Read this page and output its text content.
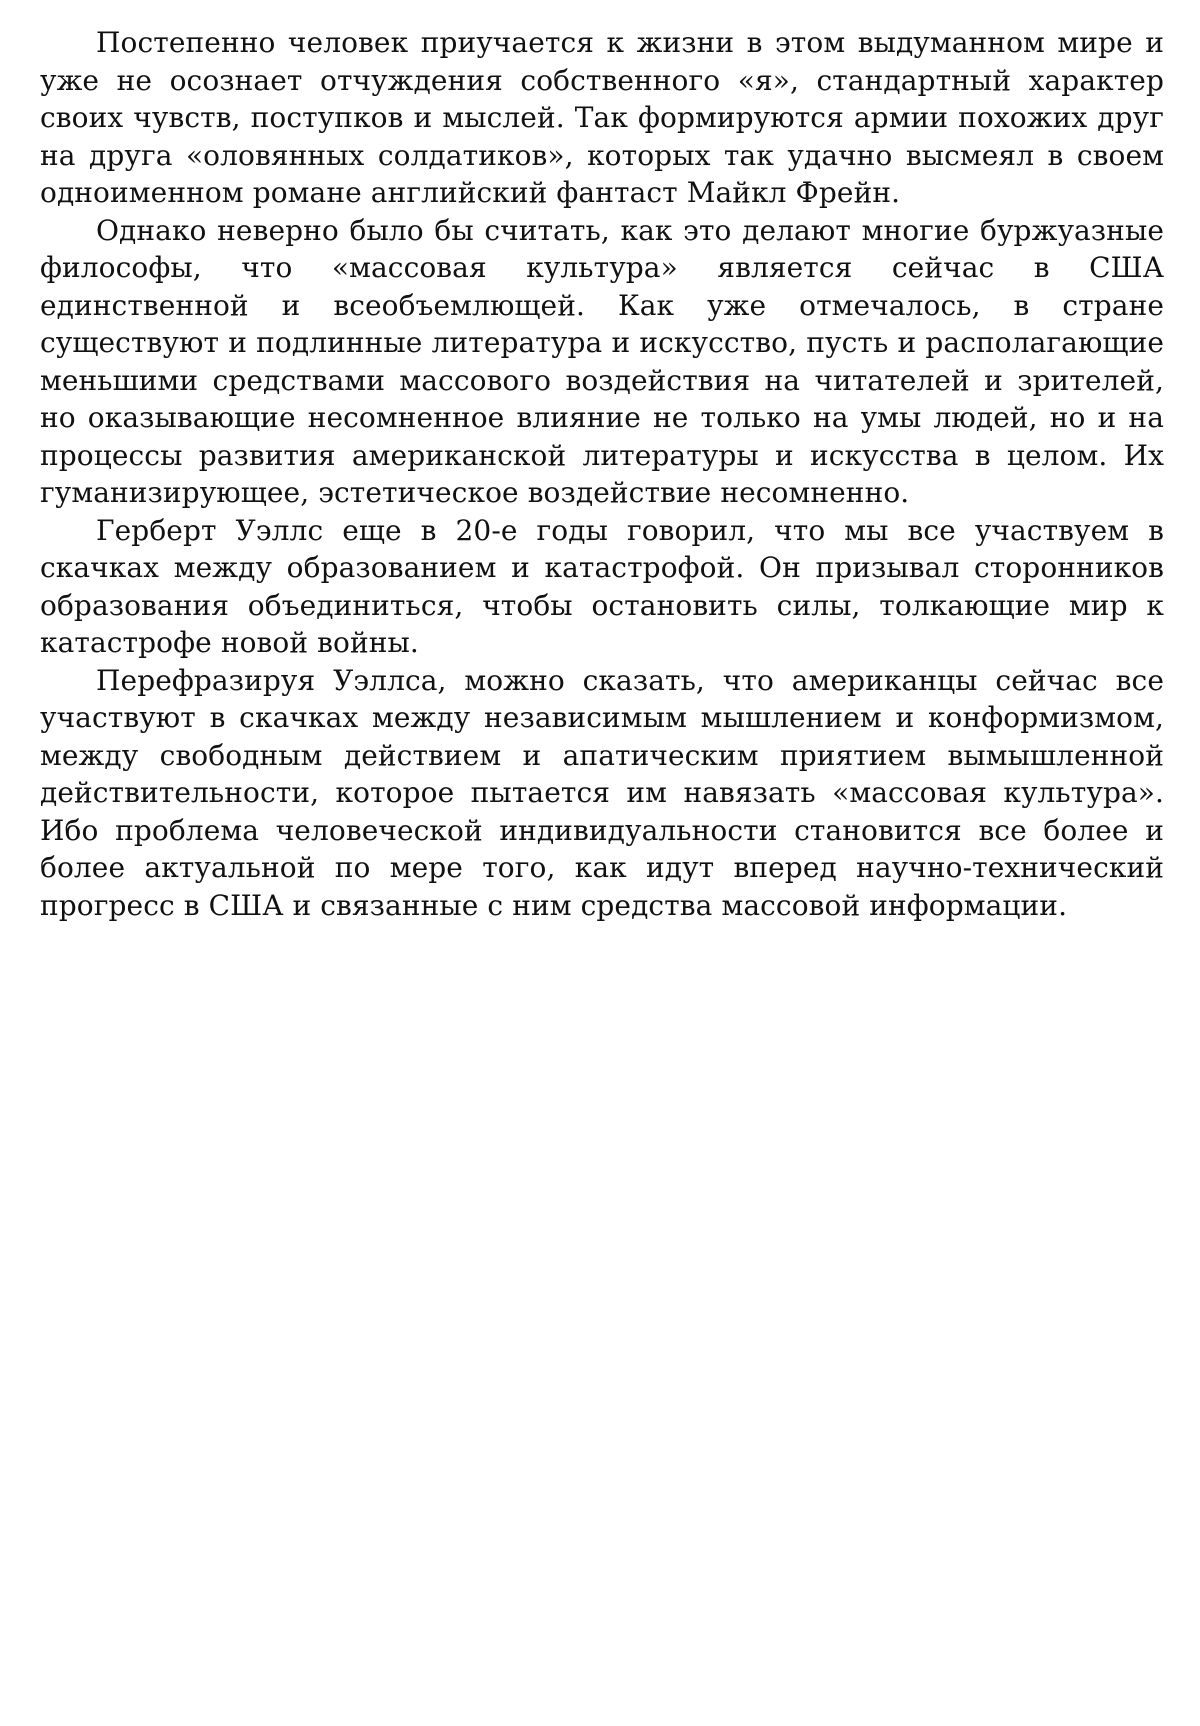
Постепенно человек приучается к жизни в этом выдуманном мире и уже не осознает отчуждения собственного «я», стандартный характер своих чувств, поступков и мыслей. Так формируются армии похожих друг на друга «оловянных солдатиков», которых так удачно высмеял в своем одноименном романе английский фантаст Майкл Фрейн.

Однако неверно было бы считать, как это делают многие буржуазные философы, что «массовая культура» является сейчас в США единственной и всеобъемлющей. Как уже отмечалось, в стране существуют и подлинные литература и искусство, пусть и располагающие меньшими средствами массового воздействия на читателей и зрителей, но оказывающие несомненное влияние не только на умы людей, но и на процессы развития американской литературы и искусства в целом. Их гуманизирующее, эстетическое воздействие несомненно.

Герберт Уэллс еще в 20-е годы говорил, что мы все участвуем в скачках между образованием и катастрофой. Он призывал сторонников образования объединиться, чтобы остановить силы, толкающие мир к катастрофе новой войны.

Перефразируя Уэллса, можно сказать, что американцы сейчас все участвуют в скачках между независимым мышлением и конформизмом, между свободным действием и апатическим приятием вымышленной действительности, которое пытается им навязать «массовая культура». Ибо проблема человеческой индивидуальности становится все более и более актуальной по мере того, как идут вперед научно-технический прогресс в США и связанные с ним средства массовой информации.
